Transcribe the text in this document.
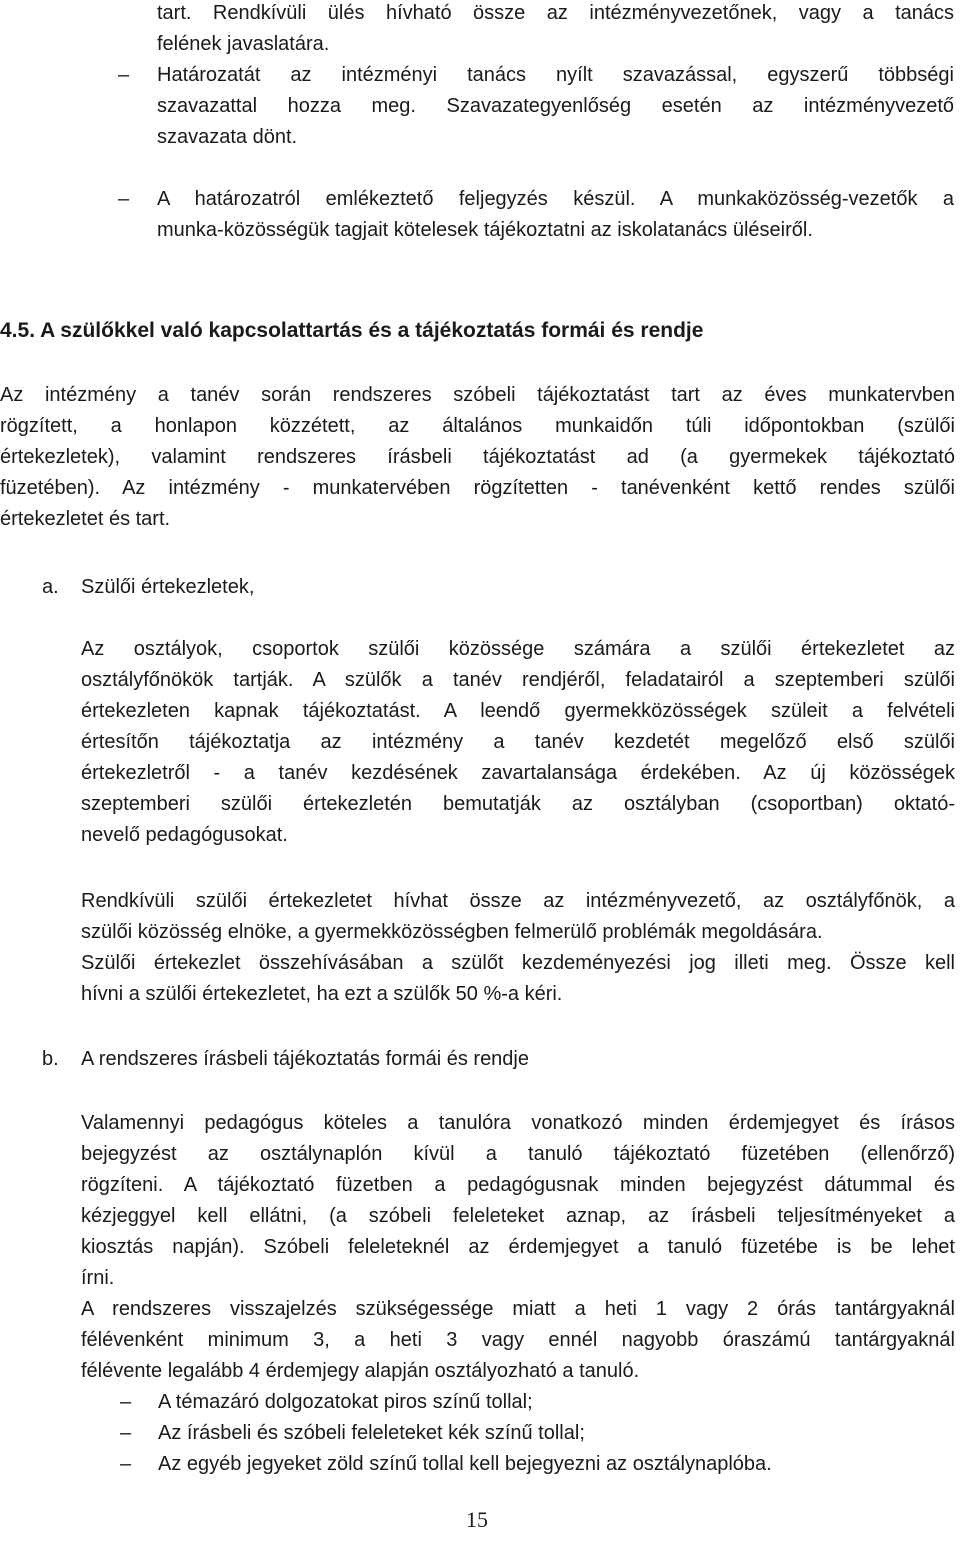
tart. Rendkívüli ülés hívható össze az intézményvezetőnek, vagy a tanács
felének javaslatára.
– Határozatát az intézményi tanács nyílt szavazással, egyszerű többségi
szavazattal hozza meg. Szavazategyenlőség esetén az intézményvezető
szavazata dönt.
– A határozatról emlékeztető feljegyzés készül. A munkaközösség-vezetők a
munka-közösségük tagjait kötelesek tájékoztatni az iskolatanács üléseiről.
4.5. A szülőkkel való kapcsolattartás és a tájékoztatás formái és rendje
Az intézmény a tanév során rendszeres szóbeli tájékoztatást tart az éves munkatervben
rögzített, a honlapon közzétett, az általános munkaidőn túli időpontokban (szülői
értekezletek), valamint rendszeres írásbeli tájékoztatást ad (a gyermekek tájékoztató
füzetében). Az intézmény - munkatervében rögzítetten - tanévenként kettő rendes szülői
értekezletet és tart.
a. Szülői értekezletek,
Az osztályok, csoportok szülői közössége számára a szülői értekezletet az
osztályfőnökök tartják. A szülők a tanév rendjéről, feladatairól a szeptemberi szülői
értekezleten kapnak tájékoztatást. A leendő gyermekközösségek szüleit a felvételi
értesítőn tájékoztatja az intézmény a tanév kezdetét megelőző első szülői
értekezletről - a tanév kezdésének zavartalansága érdekében. Az új közösségek
szeptemberi szülői értekezletén bemutatják az osztályban (csoportban) oktató-
nevelő pedagógusokat.
Rendkívüli szülői értekezletet hívhat össze az intézményvezető, az osztályfőnök, a
szülői közösség elnöke, a gyermekközösségben felmerülő problémák megoldására.
Szülői értekezlet összehívásában a szülőt kezdeményezési jog illeti meg. Össze kell
hívni a szülői értekezletet, ha ezt a szülők 50 %-a kéri.
b. A rendszeres írásbeli tájékoztatás formái és rendje
Valamennyi pedagógus köteles a tanulóra vonatkozó minden érdemjegyet és írásos
bejegyzést az osztálynaplón kívül a tanuló tájékoztató füzetében (ellenőrző)
rögzíteni. A tájékoztató füzetben a pedagógusnak minden bejegyzést dátummal és
kézjeggyel kell ellátni, (a szóbeli feleleteket aznap, az írásbeli teljesítményeket a
kiosztás napján). Szóbeli feleleteknél az érdemjegyet a tanuló füzetébe is be lehet
írni.
A rendszeres visszajelzés szükségessége miatt a heti 1 vagy 2 órás tantárgyaknál
félévenként minimum 3, a heti 3 vagy ennél nagyobb óraszámú tantárgyaknál
félévente legalább 4 érdemjegy alapján osztályozható a tanuló.
– A témazáró dolgozatokat piros színű tollal;
– Az írásbeli és szóbeli feleleteket kék színű tollal;
– Az egyéb jegyeket zöld színű tollal kell bejegyezni az osztálynaplóba.
15
